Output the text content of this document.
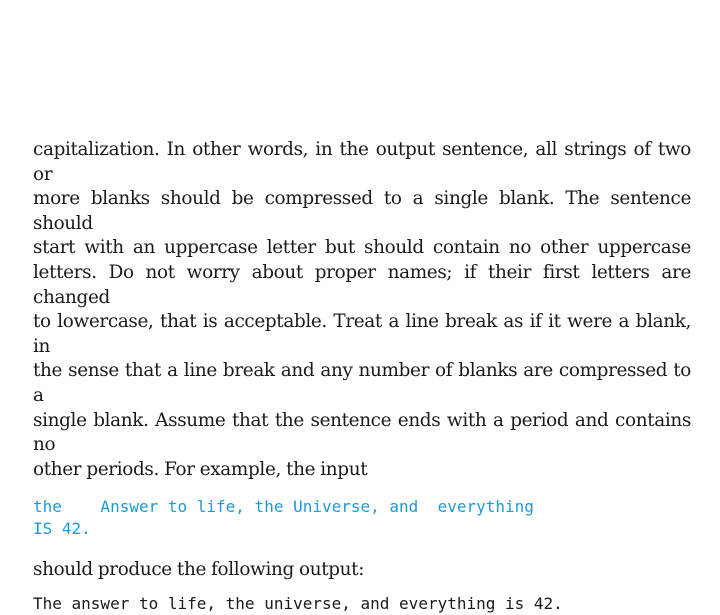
capitalization. In other words, in the output sentence, all strings of two or
more blanks should be compressed to a single blank. The sentence should
start with an uppercase letter but should contain no other uppercase
letters. Do not worry about proper names; if their first letters are changed
to lowercase, that is acceptable. Treat a line break as if it were a blank, in
the sense that a line break and any number of blanks are compressed to a
single blank. Assume that the sentence ends with a period and contains no
other periods. For example, the input

the    Answer to life, the Universe, and  everything
IS 42.

should produce the following output:

The answer to life, the universe, and everything is 42.
